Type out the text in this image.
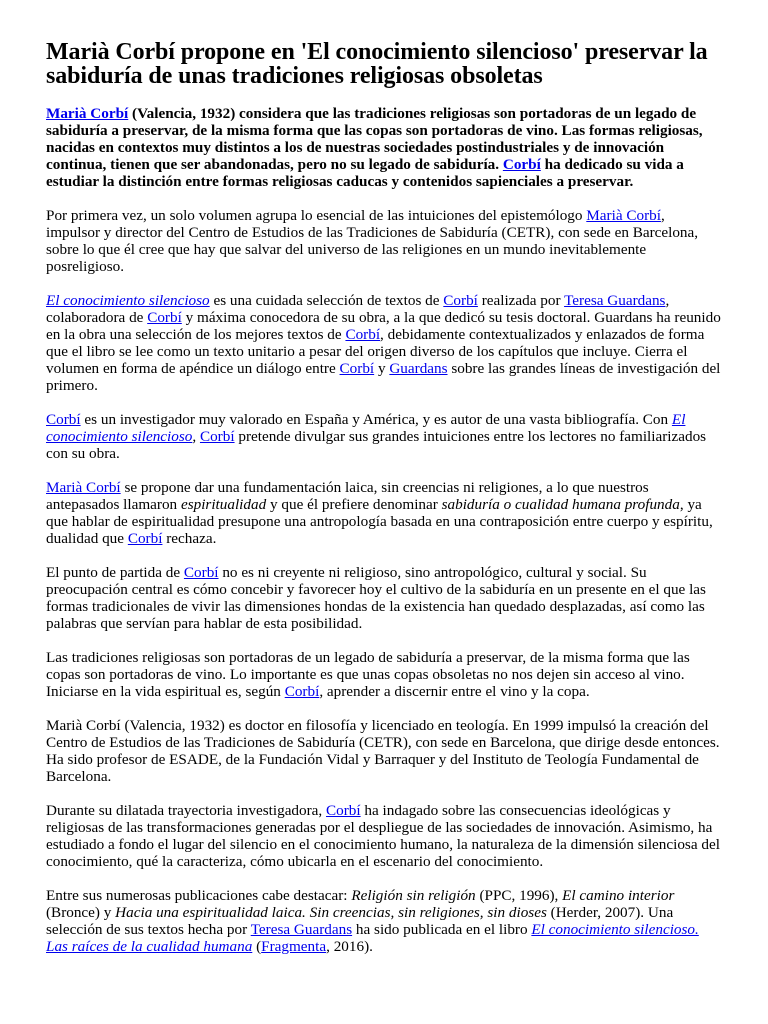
Marià Corbí propone en 'El conocimiento silencioso' preservar la sabiduría de unas tradiciones religiosas obsoletas

Marià Corbí (Valencia, 1932) considera que las tradiciones religiosas son portadoras de un legado de sabiduría a preservar, de la misma forma que las copas son portadoras de vino. Las formas religiosas, nacidas en contextos muy distintos a los de nuestras sociedades postindustriales y de innovación continua, tienen que ser abandonadas, pero no su legado de sabiduría. Corbí ha dedicado su vida a estudiar la distinción entre formas religiosas caducas y contenidos sapienciales a preservar.

Por primera vez, un solo volumen agrupa lo esencial de las intuiciones del epistemólogo Marià Corbí, impulsor y director del Centro de Estudios de las Tradiciones de Sabiduría (CETR), con sede en Barcelona, sobre lo que él cree que hay que salvar del universo de las religiones en un mundo inevitablemente posreligioso.

El conocimiento silencioso es una cuidada selección de textos de Corbí realizada por Teresa Guardans, colaboradora de Corbí y máxima conocedora de su obra, a la que dedicó su tesis doctoral. Guardans ha reunido en la obra una selección de los mejores textos de Corbí, debidamente contextualizados y enlazados de forma que el libro se lee como un texto unitario a pesar del origen diverso de los capítulos que incluye. Cierra el volumen en forma de apéndice un diálogo entre Corbí y Guardans sobre las grandes líneas de investigación del primero.

Corbí es un investigador muy valorado en España y América, y es autor de una vasta bibliografía. Con El conocimiento silencioso, Corbí pretende divulgar sus grandes intuiciones entre los lectores no familiarizados con su obra.

Marià Corbí se propone dar una fundamentación laica, sin creencias ni religiones, a lo que nuestros antepasados llamaron espiritualidad y que él prefiere denominar sabiduría o cualidad humana profunda, ya que hablar de espiritualidad presupone una antropología basada en una contraposición entre cuerpo y espíritu, dualidad que Corbí rechaza.

El punto de partida de Corbí no es ni creyente ni religioso, sino antropológico, cultural y social. Su preocupación central es cómo concebir y favorecer hoy el cultivo de la sabiduría en un presente en el que las formas tradicionales de vivir las dimensiones hondas de la existencia han quedado desplazadas, así como las palabras que servían para hablar de esta posibilidad.

Las tradiciones religiosas son portadoras de un legado de sabiduría a preservar, de la misma forma que las copas son portadoras de vino. Lo importante es que unas copas obsoletas no nos dejen sin acceso al vino. Iniciarse en la vida espiritual es, según Corbí, aprender a discernir entre el vino y la copa.

Marià Corbí (Valencia, 1932) es doctor en filosofía y licenciado en teología. En 1999 impulsó la creación del Centro de Estudios de las Tradiciones de Sabiduría (CETR), con sede en Barcelona, que dirige desde entonces. Ha sido profesor de ESADE, de la Fundación Vidal y Barraquer y del Instituto de Teología Fundamental de Barcelona.

Durante su dilatada trayectoria investigadora, Corbí ha indagado sobre las consecuencias ideológicas y religiosas de las transformaciones generadas por el despliegue de las sociedades de innovación. Asimismo, ha estudiado a fondo el lugar del silencio en el conocimiento humano, la naturaleza de la dimensión silenciosa del conocimiento, qué la caracteriza, cómo ubicarla en el escenario del conocimiento.

Entre sus numerosas publicaciones cabe destacar: Religión sin religión (PPC, 1996), El camino interior (Bronce) y Hacia una espiritualidad laica. Sin creencias, sin religiones, sin dioses (Herder, 2007). Una selección de sus textos hecha por Teresa Guardans ha sido publicada en el libro El conocimiento silencioso. Las raíces de la cualidad humana (Fragmenta, 2016).
